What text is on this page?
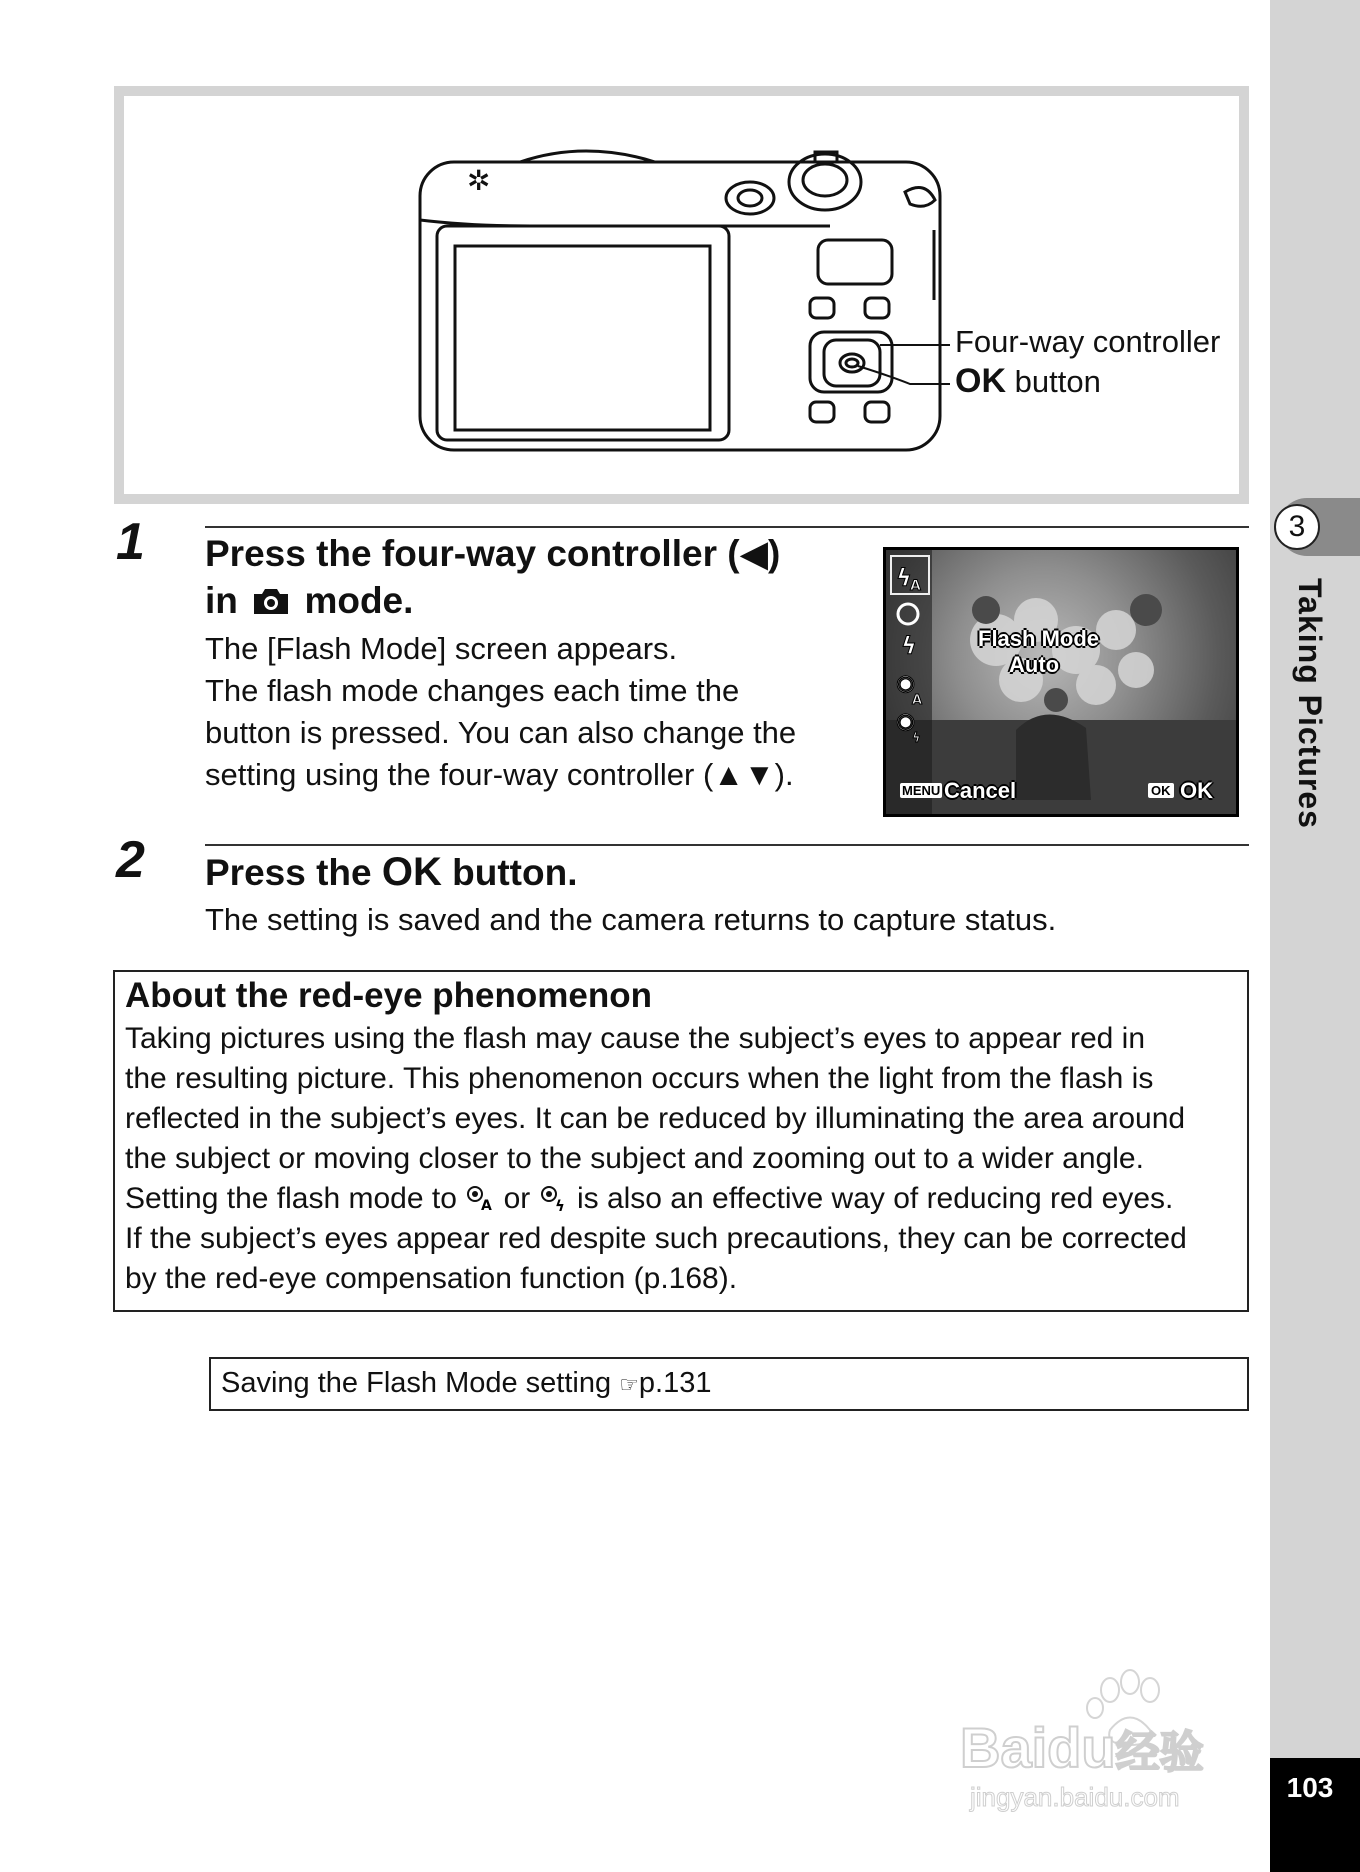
3
Taking Pictures
103
✲
Four-way controller
OK button
1 Press the four-way controller (◀)
in mode.
The [Flash Mode] screen appears.
The flash mode changes each time the
button is pressed. You can also change the
setting using the four-way controller (▲▼).
ϟ
A
ϟ
◉
A
◉
ϟ
Flash Mode
Auto
MENU Cancel	OK OK
2 Press the OK button.
The setting is saved and the camera returns to capture status.
About the red-eye phenomenon
Taking pictures using the flash may cause the subject’s eyes to appear red in
the resulting picture. This phenomenon occurs when the light from the flash is
reflected in the subject’s eyes. It can be reduced by illuminating the area around
the subject or moving closer to the subject and zooming out to a wider angle.
Setting the flash mode to A or ϟ is also an effective way of reducing red eyes.
If the subject’s eyes appear red despite such precautions, they can be corrected
by the red-eye compensation function (p.168).
Saving the Flash Mode setting ☞p.131
Baidu经验
jingyan.baidu.com
